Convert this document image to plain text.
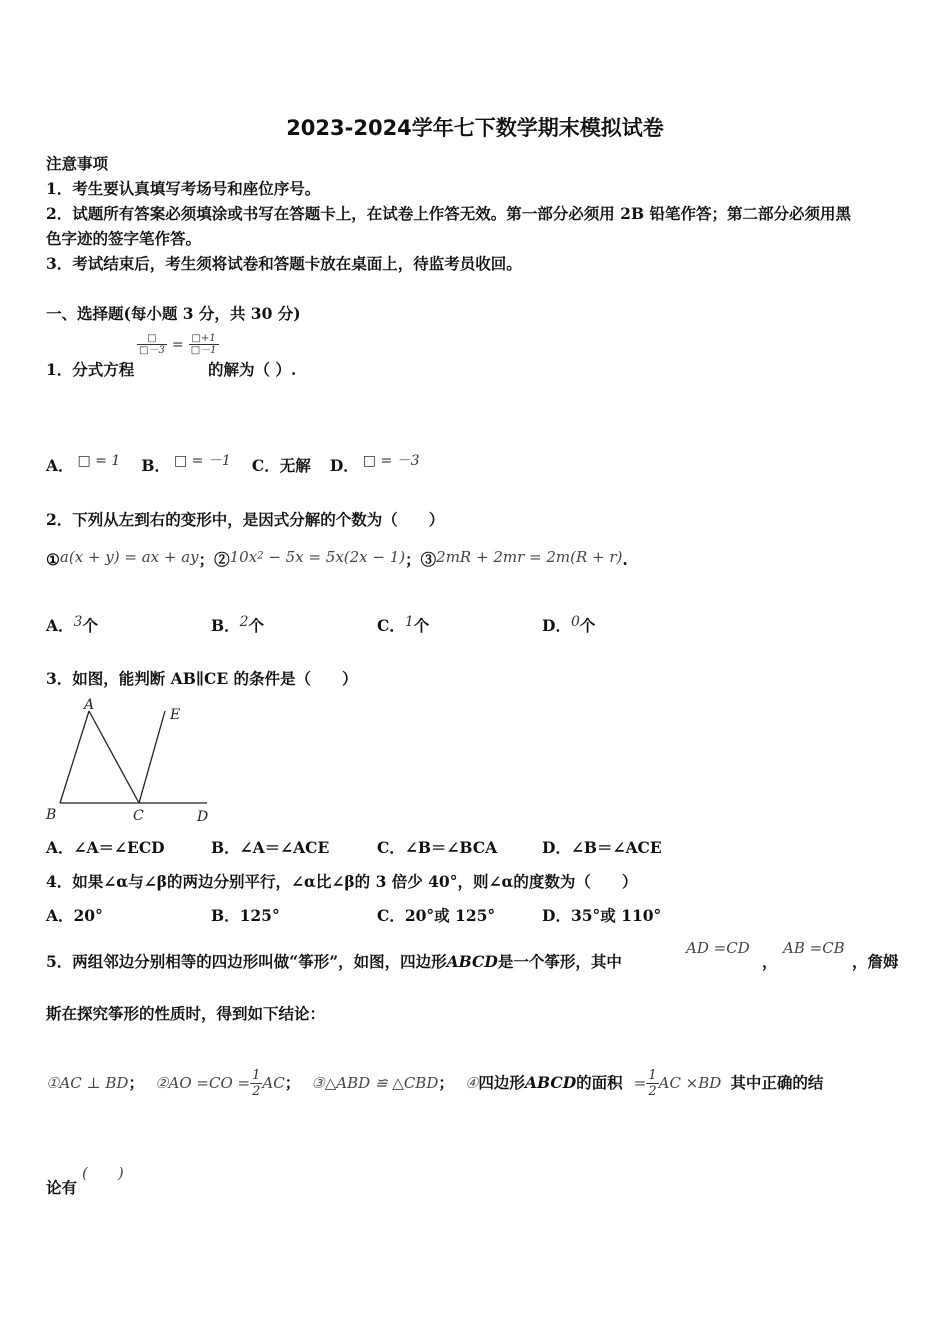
2023-2024学年七下数学期末模拟试卷
注意事项
1．考生要认真填写考场号和座位序号。
2．试题所有答案必须填涂或书写在答题卡上，在试卷上作答无效。第一部分必须用 2B 铅笔作答；第二部分必须用黑
色字迹的签字笔作答。
3．考试结束后，考生须将试卷和答题卡放在桌面上，待监考员收回。
一、选择题(每小题 3 分，共 30 分)
1．分式方程
$\frac{□}{□-3} = \frac{□+1}{□-1}$
的解为（ ）.
A． □ = 1 B． □ = －1 C．无解 D． □ = －3
2．下列从左到右的变形中，是因式分解的个数为（　　）
①a(x + y) = ax + ay；$②10x^2 - 5x = 5x(2x - 1)$；③2mR + 2mr = 2m(R + r).
A．3个	B．2个	C．1个	D．0个
3．如图，能判断 AB∥CE 的条件是（　　）
A
B	C	D
E
A．∠A＝∠ECD	B．∠A＝∠ACE	C．∠B＝∠BCA	D．∠B＝∠ACE
4．如果∠α与∠β的两边分别平行，∠α比∠β的 3 倍少 40°，则∠α的度数为（　　）
A．20°	B．125°	C．20°或 125°	D．35°或 110°
5．两组邻边分别相等的四边形叫做“筝形”，如图，四边形ABCD是一个筝形，其中
AD =CD
，
AB =CB
，詹姆
斯在探究筝形的性质时，得到如下结论：
①AC ⊥ BD； ②AO $=CO = \frac{1}{2}$ AC； ③△ABD ≌ △CBD； ④四边形ABCD的面积 = $\frac{1}{2}$ AC ×BD 其中正确的结
论有
(　　)
